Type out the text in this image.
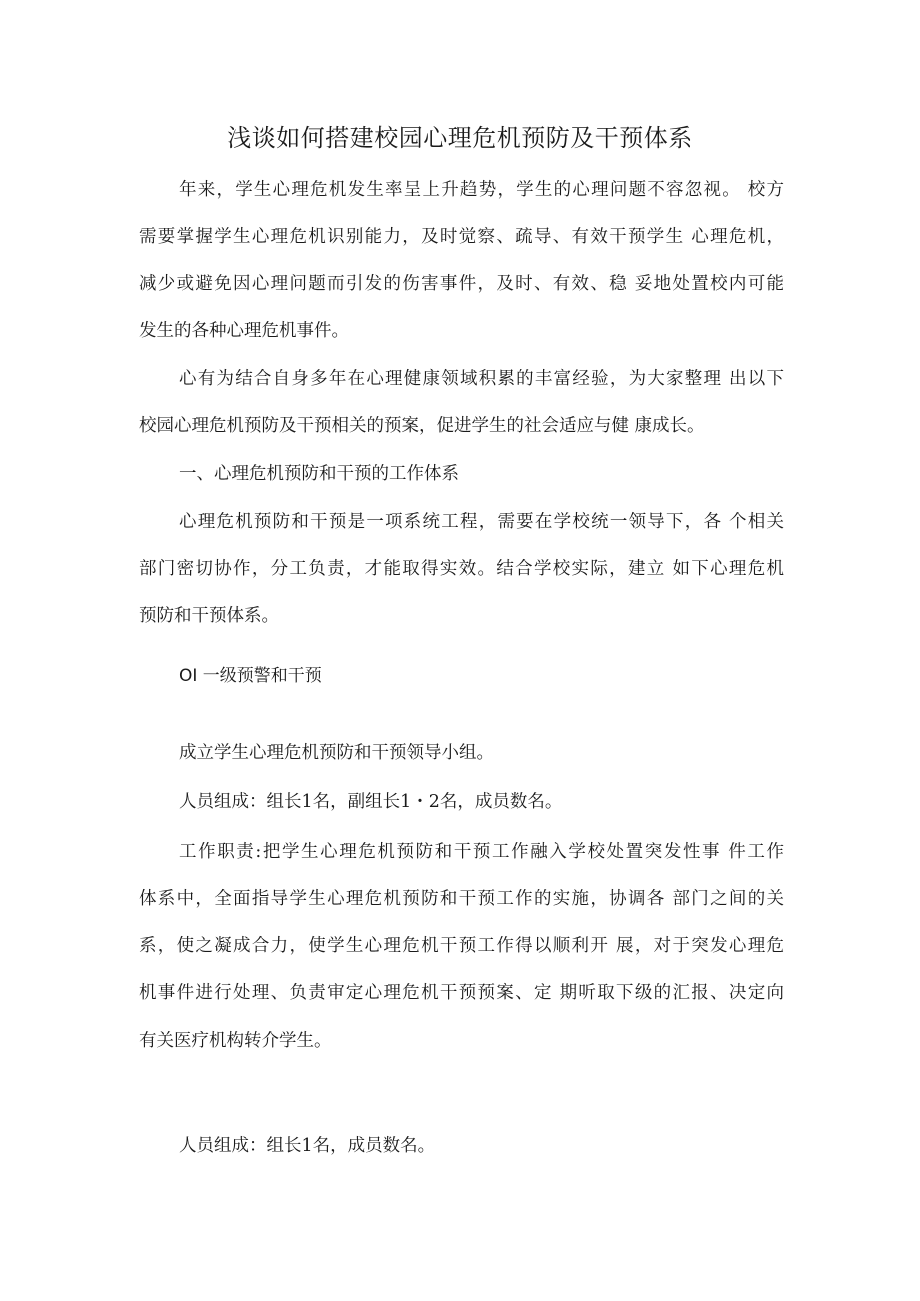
浅谈如何搭建校园心理危机预防及干预体系
年来，学生心理危机发生率呈上升趋势，学生的心理问题不容忽视。 校方
需要掌握学生心理危机识别能力，及时觉察、疏导、有效干预学生 心理危机，
减少或避免因心理问题而引发的伤害事件，及时、有效、稳 妥地处置校内可能
发生的各种心理危机事件。
心有为结合自身多年在心理健康领域积累的丰富经验，为大家整理 出以下
校园心理危机预防及干预相关的预案，促进学生的社会适应与健 康成长。
一、心理危机预防和干预的工作体系
心理危机预防和干预是一项系统工程，需要在学校统一领导下，各 个相关
部门密切协作，分工负责，才能取得实效。结合学校实际，建立 如下心理危机
预防和干预体系。
OI 一级预警和干预
成立学生心理危机预防和干预领导小组。
人员组成：组长1名，副组长1・2名，成员数名。
工作职责:把学生心理危机预防和干预工作融入学校处置突发性事 件工作
体系中，全面指导学生心理危机预防和干预工作的实施，协调各 部门之间的关
系，使之凝成合力，使学生心理危机干预工作得以顺利开 展，对于突发心理危
机事件进行处理、负责审定心理危机干预预案、定 期听取下级的汇报、决定向
有关医疗机构转介学生。
人员组成：组长1名，成员数名。
